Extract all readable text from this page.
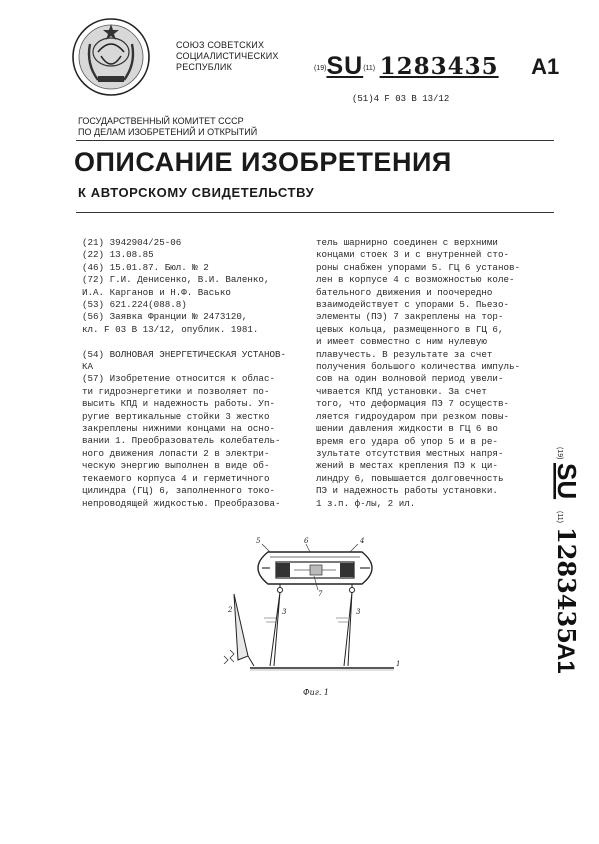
СОЮЗ СОВЕТСКИХ
СОЦИАЛИСТИЧЕСКИХ
РЕСПУБЛИК	$^{(19)}$SU$^{(11)}$ 1283435 A1
(51)4 F 03 B 13/12
ГОСУДАРСТВЕННЫЙ КОМИТЕТ СССР
ПО ДЕЛАМ ИЗОБРЕТЕНИЙ И ОТКРЫТИЙ
ОПИСАНИЕ ИЗОБРЕТЕНИЯ
К АВТОРСКОМУ СВИДЕТЕЛЬСТВУ
(21) 3942904/25-06
(22) 13.08.85
(46) 15.01.87. Бюл. № 2
(72) Г.И. Денисенко, В.И. Валенко,
И.А. Карганов и Н.Ф. Васько
(53) 621.224(088.8)
(56) Заявка Франции № 2473120,
кл. F 03 B 13/12, опублик. 1981.
(54) ВОЛНОВАЯ ЭНЕРГЕТИЧЕСКАЯ УСТАНОВ-
КА
(57) Изобретение относится к облас-
ти гидроэнергетики и позволяет по-
высить КПД и надежность работы. Уп-
ругие вертикальные стойки 3 жестко
закреплены нижними концами на осно-
вании 1. Преобразователь колебатель-
ного движения лопасти 2 в электри-
ческую энергию выполнен в виде об-
текаемого корпуса 4 и герметичного
цилиндра (ГЦ) 6, заполненного токо-
непроводящей жидкостью. Преобразова-
тель шарнирно соединен с верхними
концами стоек 3 и с внутренней сто-
роны снабжен упорами 5. ГЦ 6 установ-
лен в корпусе 4 с возможностью коле-
бательного движения и поочередно
взаимодействует с упорами 5. Пьезо-
элементы (ПЭ) 7 закреплены на тор-
цевых кольца, размещенного в ГЦ 6,
и имеет совместно с ним нулевую
плавучесть. В результате за счет
получения большого количества импуль-
сов на один волновой период увели-
чивается КПД установки. За счет
того, что деформация ПЭ 7 осуществ-
ляется гидроударом при резком повы-
шении давления жидкости в ГЦ 6 во
время его удара об упор 5 и в ре-
зультате отсутствия местных напря-
жений в местах крепления ПЭ к ци-
линдру 6, повышается долговечность
ПЭ и надежность работы установки.
1 з.п. ф-лы, 2 ил.
(19)
SU
(11)
1283435
A1
5	6	4
7
3
2	3
1
Фиг. 1
